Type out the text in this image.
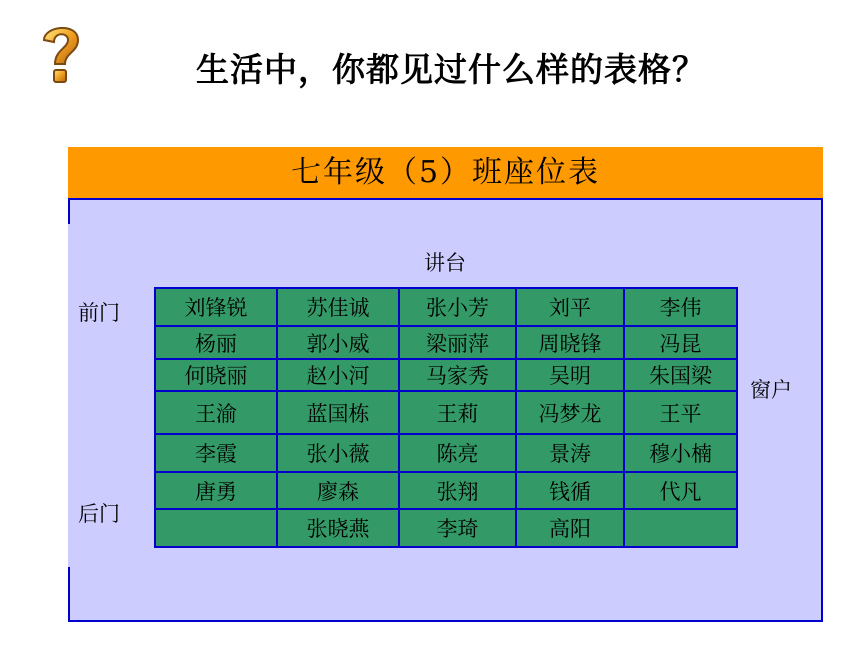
生活中，你都见过什么样的表格？
七年级（5）班座位表
讲台
前门
后门
窗户
刘锋锐	苏佳诚	张小芳	刘平	李伟
杨丽	郭小威	梁丽萍	周晓锋	冯昆
何晓丽	赵小河	马家秀	吴明	朱国梁
王渝	蓝国栋	王莉	冯梦龙	王平
李霞	张小薇	陈亮	景涛	穆小楠
唐勇	廖森	张翔	钱循	代凡
	张晓燕	李琦	高阳	
